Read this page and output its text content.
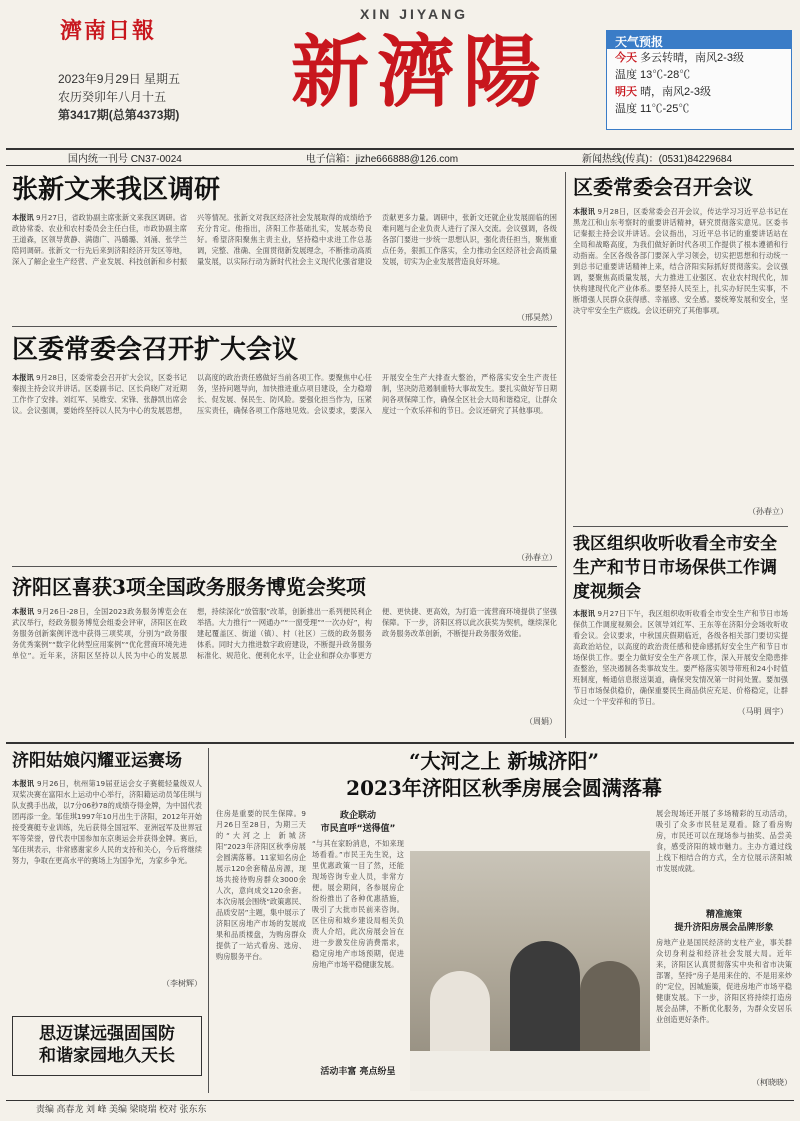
濟南日報
2023年9月29日 星期五
农历癸卯年八月十五
第3417期(总第4373期)
XIN JIYANG
新濟陽	天气预报
今天 多云转晴，南风2-3级
温度 13℃-28℃
明天 晴，南风2-3级
温度 11℃-25℃
国内统一刊号 CN37-0024	电子信箱：jizhe666888@126.com	新闻热线(传真)：(0531)84229684
张新文来我区调研
本报讯 9月27日，省政协副主席张新文来我区调研。省政协常委、农业和农村委员会主任白佳，市政协副主席王道森，区领导黄静、满德广、冯璐璐、刘涌、张学兰陪同调研。张新文一行先后来到济阳经济开发区等地，深入了解企业生产经营、产业发展、科技创新和乡村振兴等情况。张新文对我区经济社会发展取得的成绩给予充分肯定。他指出，济阳工作基础扎实，发展态势良好。希望济阳聚焦主责主业，坚持稳中求进工作总基调，完整、准确、全面贯彻新发展理念，不断推动高质量发展，以实际行动为新时代社会主义现代化强省建设贡献更多力量。调研中，张新文还就企业发展面临的困难问题与企业负责人进行了深入交流。会议强调，各级各部门要进一步统一思想认识，强化责任担当，聚焦重点任务，狠抓工作落实，全力推动全区经济社会高质量发展，切实为企业发展营造良好环境。
（邢昊然）
区委常委会召开扩大会议
本报讯 9月28日，区委常委会召开扩大会议，区委书记秦振主持会议并讲话。区委副书记、区长尚晓广对近期工作作了安排。刘红军、吴维安、宋锋、张静凯出席会议。会议强调，要始终坚持以人民为中心的发展思想，以高度的政治责任感做好当前各项工作。要聚焦中心任务，坚持问题导向，加快推进重点项目建设，全力稳增长、促发展、保民生、防风险。要强化担当作为，压紧压实责任，确保各项工作落地见效。会议要求，要深入开展安全生产大排查大整治，严格落实安全生产责任制，坚决防范遏制重特大事故发生。要扎实做好节日期间各项保障工作，确保全区社会大局和谐稳定，让群众度过一个欢乐祥和的节日。会议还研究了其他事项。
（孙春立）
济阳区喜获3项全国政务服务博览会奖项
本报讯 9月26日-28日，全国2023政务服务博览会在武汉举行，经政务服务博览会组委会评审，济阳区在政务服务创新案例评选中获得三项奖项，分别为“政务服务优秀案例”“数字化转型应用案例”“优化营商环境先进单位”。近年来，济阳区坚持以人民为中心的发展思想，持续深化“放管服”改革，创新推出一系列便民利企举措。大力推行“一网通办”“一窗受理”“一次办好”，构建起覆盖区、街道（镇）、村（社区）三级的政务服务体系。同时大力推进数字政府建设，不断提升政务服务标准化、规范化、便利化水平，让企业和群众办事更方便、更快捷、更高效，为打造一流营商环境提供了坚强保障。下一步，济阳区将以此次获奖为契机，继续深化政务服务改革创新，不断提升政务服务效能。
（周娟）
区委常委会召开会议
本报讯 9月28日，区委常委会召开会议，传达学习习近平总书记在黑龙江和山东考察时的重要讲话精神，研究贯彻落实意见。区委书记秦振主持会议并讲话。会议指出，习近平总书记的重要讲话站在全局和战略高度，为我们做好新时代各项工作提供了根本遵循和行动指南。全区各级各部门要深入学习领会，切实把思想和行动统一到总书记重要讲话精神上来，结合济阳实际抓好贯彻落实。会议强调，要聚焦高质量发展，大力推进工业强区、农业农村现代化，加快构建现代化产业体系。要坚持人民至上，扎实办好民生实事，不断增强人民群众获得感、幸福感、安全感。要统筹发展和安全，坚决守牢安全生产底线。会议还研究了其他事项。
（孙春立）
我区组织收听收看全市安全生产和节日市场保供工作调度视频会
本报讯 9月27日下午，我区组织收听收看全市安全生产和节日市场保供工作调度视频会。区领导刘红军、王东等在济阳分会场收听收看会议。会议要求，中秋国庆假期临近，各级各相关部门要切实提高政治站位，以高度的政治责任感和使命感抓好安全生产和节日市场保供工作。要全力做好安全生产各项工作，深入开展安全隐患排查整治，坚决遏制各类事故发生。要严格落实领导带班和24小时值班制度，畅通信息报送渠道，确保突发情况第一时间处置。要加强节日市场保供稳价，确保重要民生商品供应充足、价格稳定，让群众过一个平安祥和的节日。
（马明 周宇）
济阳姑娘闪耀亚运赛场
本报讯 9月26日，杭州第19届亚运会女子赛艇轻量级双人双桨决赛在富阳水上运动中心举行，济阳籍运动员邹佳琪与队友携手出战，以7分06秒78的成绩夺得金牌，为中国代表团再添一金。邹佳琪1997年10月出生于济阳，2012年开始接受赛艇专业训练，先后获得全国冠军、亚洲冠军及世界冠军等荣誉，曾代表中国参加东京奥运会并获得金牌。赛后，邹佳琪表示，非常感谢家乡人民的支持和关心，今后将继续努力，争取在更高水平的赛场上为国争光，为家乡争光。
（李树辉）
思迈谋远强固国防
和谐家园地久天长
“大河之上 新城济阳”
2023年济阳区秋季房展会圆满落幕
住房是重要的民生保障。9月26日至28日，为期三天的“大河之上 新城济阳”2023年济阳区秋季房展会圆满落幕。11家知名房企展示120余套精品房源，现场共接待购房群众3000余人次，意向成交120余套。本次房展会围绕“政策惠民、品质安居”主题，集中展示了济阳区房地产市场的发展成果和品质楼盘，为购房群众提供了一站式看房、选房、购房服务平台。
政企联动
市民直呼“送得值”
“与其在家盼消息，不如来现场看看。”市民王先生说，这里优惠政策一目了然，还能现场咨询专业人员，非常方便。展会期间，各参展房企纷纷推出了各种优惠措施，吸引了大批市民前来咨询。区住房和城乡建设局相关负责人介绍，此次房展会旨在进一步激发住房消费需求，稳定房地产市场预期，促进房地产市场平稳健康发展。
活动丰富 亮点纷呈
展会现场还开展了多场精彩的互动活动，吸引了众多市民驻足观看。除了看房购房，市民还可以在现场参与抽奖、品尝美食，感受济阳的城市魅力。主办方通过线上线下相结合的方式，全方位展示济阳城市发展成就。
精准施策
提升济阳房展会品牌形象
房地产业是国民经济的支柱产业，事关群众切身利益和经济社会发展大局。近年来，济阳区认真贯彻落实中央和省市决策部署，坚持“房子是用来住的、不是用来炒的”定位，因城施策，促进房地产市场平稳健康发展。下一步，济阳区将持续打造房展会品牌，不断优化服务，为群众安居乐业创造更好条件。
（柯晓晓）
责编 高春龙 刘 峰 美编 梁晓瑞 校对 张东东
